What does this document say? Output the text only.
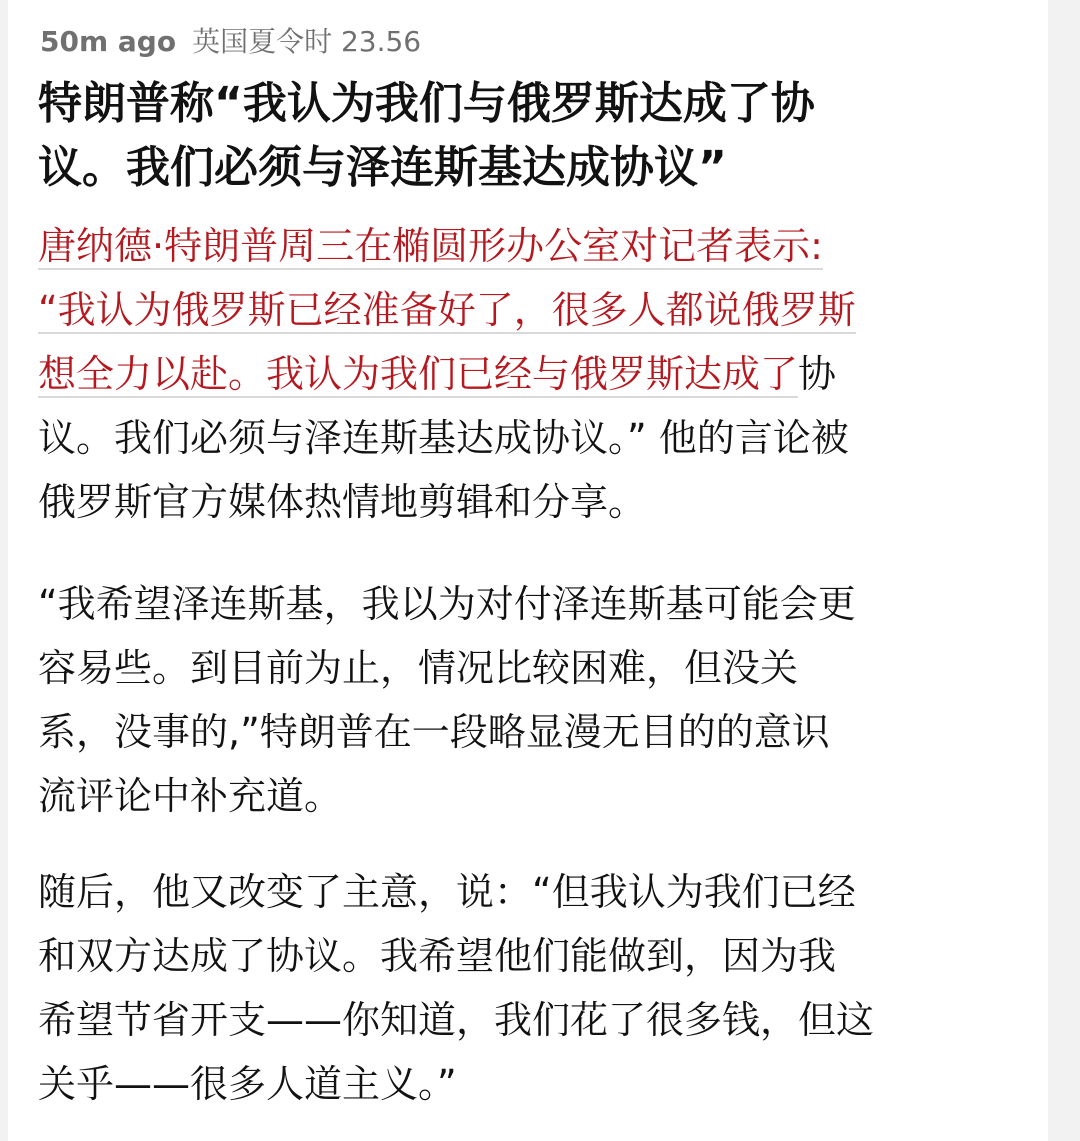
50m ago 英国夏令时 23.56
特朗普称“我认为我们与俄罗斯达成了协
议。我们必须与泽连斯基达成协议”
唐纳德·特朗普周三在椭圆形办公室对记者表示:
“我认为俄罗斯已经准备好了，很多人都说俄罗斯
想全力以赴。我认为我们已经与俄罗斯达成了协
议。我们必须与泽连斯基达成协议。” 他的言论被
俄罗斯官方媒体热情地剪辑和分享。
“我希望泽连斯基，我以为对付泽连斯基可能会更
容易些。到目前为止，情况比较困难，但没关
系，没事的,”特朗普在一段略显漫无目的的意识
流评论中补充道。
随后，他又改变了主意，说：“但我认为我们已经
和双方达成了协议。我希望他们能做到，因为我
希望节省开支——你知道，我们花了很多钱，但这
关乎——很多人道主义。”
